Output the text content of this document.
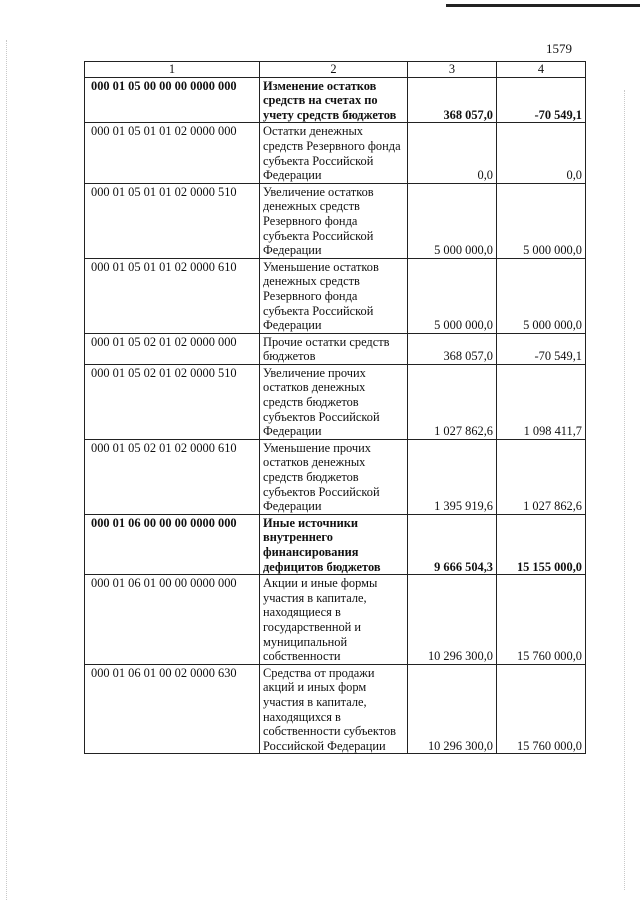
1579
1	2	3	4
000 01 05 00 00 00 0000 000	Изменение остатков средств на счетах по учету средств бюджетов	368 057,0	-70 549,1
000 01 05 01 01 02 0000 000	Остатки денежных средств Резервного фонда субъекта Российской Федерации	0,0	0,0
000 01 05 01 01 02 0000 510	Увеличение остатков денежных средств Резервного фонда субъекта Российской Федерации	5 000 000,0	5 000 000,0
000 01 05 01 01 02 0000 610	Уменьшение остатков денежных средств Резервного фонда субъекта Российской Федерации	5 000 000,0	5 000 000,0
000 01 05 02 01 02 0000 000	Прочие остатки средств бюджетов	368 057,0	-70 549,1
000 01 05 02 01 02 0000 510	Увеличение прочих остатков денежных средств бюджетов субъектов Российской Федерации	1 027 862,6	1 098 411,7
000 01 05 02 01 02 0000 610	Уменьшение прочих остатков денежных средств бюджетов субъектов Российской Федерации	1 395 919,6	1 027 862,6
000 01 06 00 00 00 0000 000	Иные источники внутреннего финансирования дефицитов бюджетов	9 666 504,3	15 155 000,0
000 01 06 01 00 00 0000 000	Акции и иные формы участия в капитале, находящиеся в государственной и муниципальной собственности	10 296 300,0	15 760 000,0
000 01 06 01 00 02 0000 630	Средства от продажи акций и иных форм участия в капитале, находящихся в собственности субъектов Российской Федерации	10 296 300,0	15 760 000,0
